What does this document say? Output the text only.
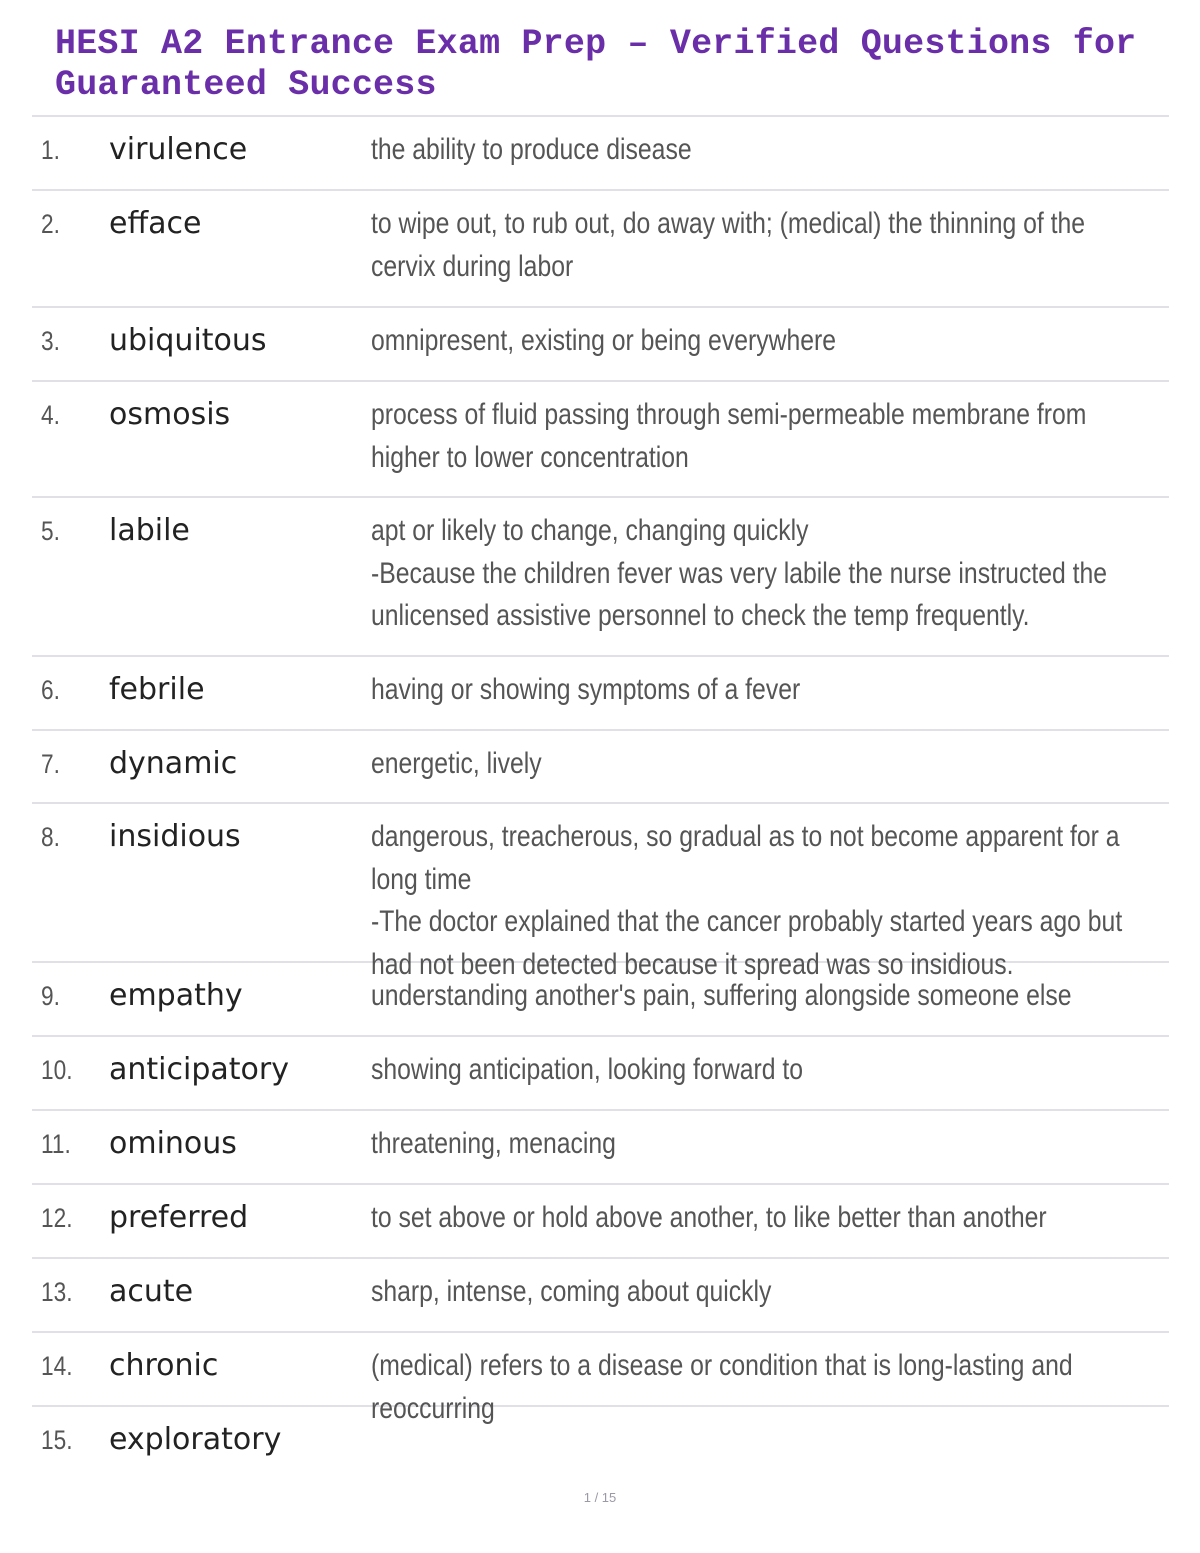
HESI A2 Entrance Exam Prep – Verified Questions for Guaranteed Success
1. virulence	the ability to produce disease
2. efface	to wipe out, to rub out, do away with; (medical) the thinning of the cervix during labor
3. ubiquitous	omnipresent, existing or being everywhere
4. osmosis	process of fluid passing through semi-permeable membrane from higher to lower concentration
5. labile	apt or likely to change, changing quickly
-Because the children fever was very labile the nurse instructed the unlicensed assistive personnel to check the temp frequently.
6. febrile	having or showing symptoms of a fever
7. dynamic	energetic, lively
8. insidious	dangerous, treacherous, so gradual as to not become apparent for a long time
-The doctor explained that the cancer probably started years ago but had not been detected because it spread was so insidious.
9. empathy	understanding another's pain, suffering alongside someone else
10. anticipatory	showing anticipation, looking forward to
11. ominous	threatening, menacing
12. preferred	to set above or hold above another, to like better than another
13. acute	sharp, intense, coming about quickly
14. chronic	(medical) refers to a disease or condition that is long-lasting and reoccurring
15. exploratory
1 / 15
